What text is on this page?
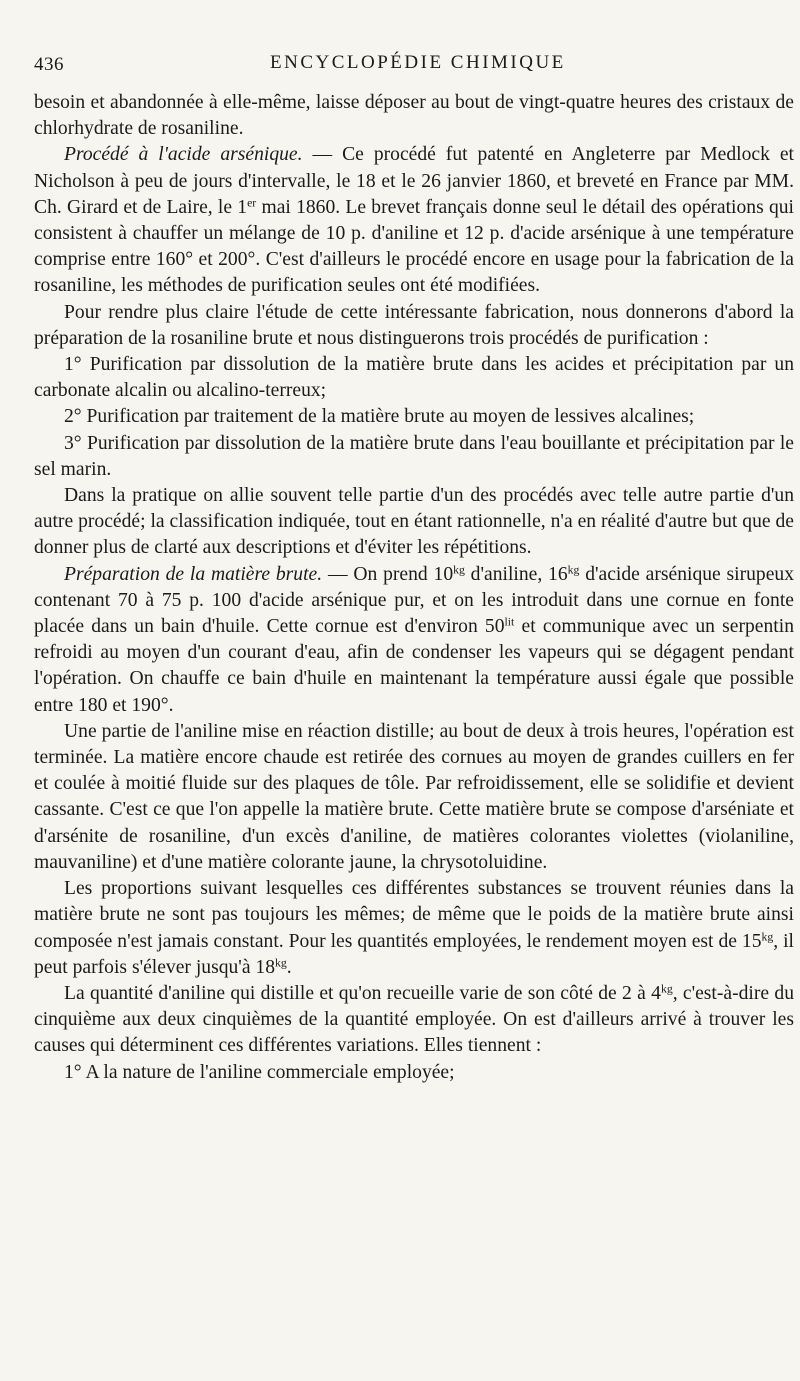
436	ENCYCLOPÉDIE CHIMIQUE

besoin et abandonnée à elle-même, laisse déposer au bout de vingt-quatre heures des cristaux de chlorhydrate de rosaniline.

Procédé à l'acide arsénique. — Ce procédé fut patenté en Angleterre par Medlock et Nicholson à peu de jours d'intervalle, le 18 et le 26 janvier 1860, et breveté en France par MM. Ch. Girard et de Laire, le 1er mai 1860. Le brevet français donne seul le détail des opérations qui consistent à chauffer un mélange de 10 p. d'aniline et 12 p. d'acide arsénique à une température comprise entre 160° et 200°. C'est d'ailleurs le procédé encore en usage pour la fabrication de la rosaniline, les méthodes de purification seules ont été modifiées.

Pour rendre plus claire l'étude de cette intéressante fabrication, nous donnerons d'abord la préparation de la rosaniline brute et nous distinguerons trois procédés de purification :

1° Purification par dissolution de la matière brute dans les acides et précipitation par un carbonate alcalin ou alcalino-terreux;

2° Purification par traitement de la matière brute au moyen de lessives alcalines;

3° Purification par dissolution de la matière brute dans l'eau bouillante et précipitation par le sel marin.

Dans la pratique on allie souvent telle partie d'un des procédés avec telle autre partie d'un autre procédé; la classification indiquée, tout en étant rationnelle, n'a en réalité d'autre but que de donner plus de clarté aux descriptions et d'éviter les répétitions.

Préparation de la matière brute. — On prend $10^{kg}$ d'aniline, $16^{kg}$ d'acide arsénique sirupeux contenant 70 à 75 p. 100 d'acide arsénique pur, et on les introduit dans une cornue en fonte placée dans un bain d'huile. Cette cornue est d'environ $50^{lit}$ et communique avec un serpentin refroidi au moyen d'un courant d'eau, afin de condenser les vapeurs qui se dégagent pendant l'opération. On chauffe ce bain d'huile en maintenant la température aussi égale que possible entre 180 et 190°.

Une partie de l'aniline mise en réaction distille; au bout de deux à trois heures, l'opération est terminée. La matière encore chaude est retirée des cornues au moyen de grandes cuillers en fer et coulée à moitié fluide sur des plaques de tôle. Par refroidissement, elle se solidifie et devient cassante. C'est ce que l'on appelle la matière brute. Cette matière brute se compose d'arséniate et d'arsénite de rosaniline, d'un excès d'aniline, de matières colorantes violettes (violaniline, mauvaniline) et d'une matière colorante jaune, la chrysotoluidine.

Les proportions suivant lesquelles ces différentes substances se trouvent réunies dans la matière brute ne sont pas toujours les mêmes; de même que le poids de la matière brute ainsi composée n'est jamais constant. Pour les quantités employées, le rendement moyen est de $15^{kg}$, il peut parfois s'élever jusqu'à $18^{kg}$.

La quantité d'aniline qui distille et qu'on recueille varie de son côté de 2 à $4^{kg}$, c'est-à-dire du cinquième aux deux cinquièmes de la quantité employée. On est d'ailleurs arrivé à trouver les causes qui déterminent ces différentes variations. Elles tiennent :

1° A la nature de l'aniline commerciale employée;
